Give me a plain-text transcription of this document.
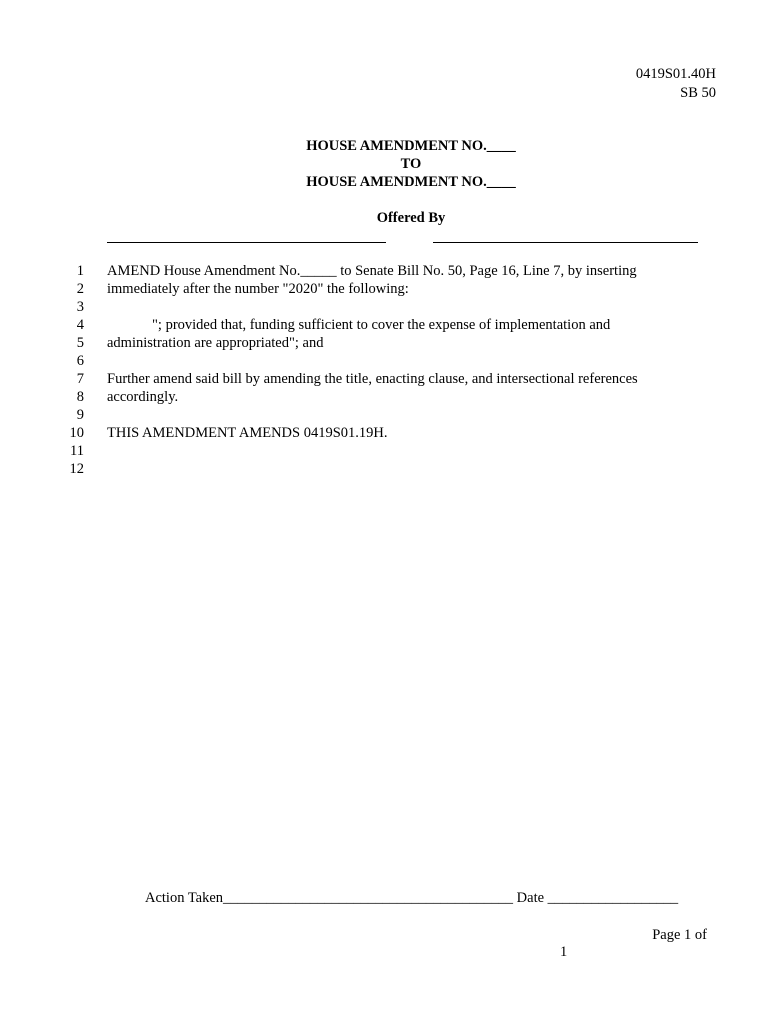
0419S01.40H
SB 50
HOUSE AMENDMENT NO.____
TO
HOUSE AMENDMENT NO.____
Offered By
1
2
3
4
5
6
7
8
9
10
11
12
AMEND House Amendment No._____ to Senate Bill No. 50, Page 16, Line 7, by inserting
immediately after the number "2020" the following:
"; provided that, funding sufficient to cover the expense of implementation and
administration are appropriated"; and
Further amend said bill by amending the title, enacting clause, and intersectional references
accordingly.
THIS AMENDMENT AMENDS 0419S01.19H.
Action Taken________________________________________ Date __________________
Page 1 of
1
